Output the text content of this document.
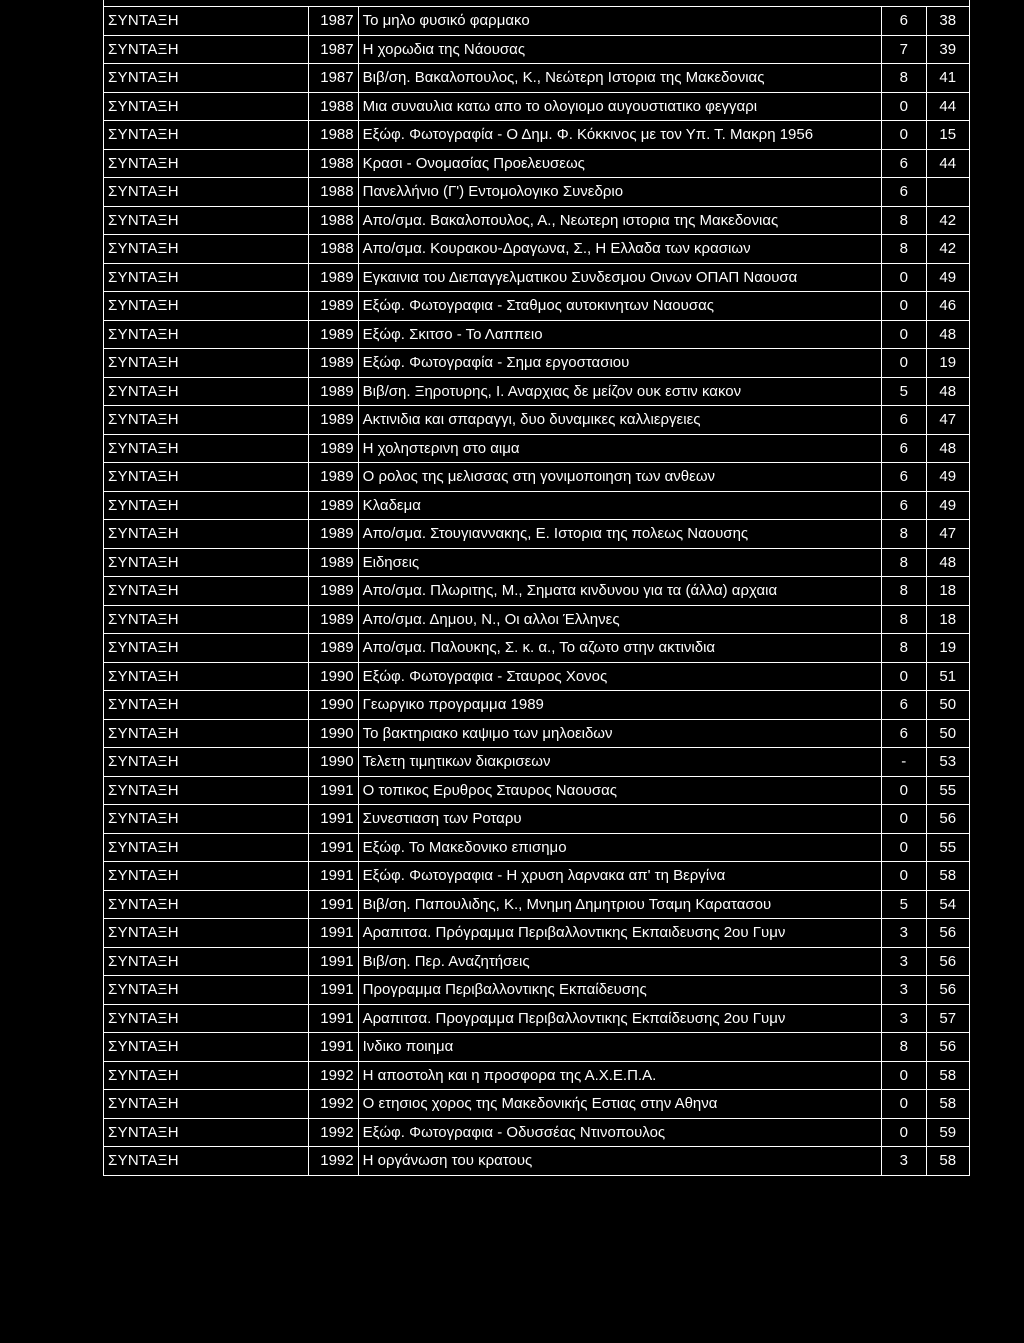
ΣΥΝΤΑΞΗ	1987	Το μηλο φυσικό φαρμακο	6	38
ΣΥΝΤΑΞΗ	1987	Η χορωδια της Νάουσας	7	39
ΣΥΝΤΑΞΗ	1987	Βιβ/ση. Βακαλοπουλος, Κ., Νεώτερη Ιστορια της Μακεδονιας	8	41
ΣΥΝΤΑΞΗ	1988	Μια συναυλια κατω απο το ολογιομο αυγουστιατικο φεγγαρι	0	44
ΣΥΝΤΑΞΗ	1988	Εξώφ. Φωτογραφία - Ο Δημ. Φ. Κόκκινος με τον Υπ. Τ. Μακρη 1956	0	15
ΣΥΝΤΑΞΗ	1988	Κρασι - Ονομασίας Προελευσεως	6	44
ΣΥΝΤΑΞΗ	1988	Πανελλήνιο (Γ') Εντομολογικο Συνεδριο	6	
ΣΥΝΤΑΞΗ	1988	Απο/σμα. Βακαλοπουλος, Α., Νεωτερη ιστορια της Μακεδονιας	8	42
ΣΥΝΤΑΞΗ	1988	Απο/σμα. Κουρακου-Δραγωνα, Σ., Η Ελλαδα των κρασιων	8	42
ΣΥΝΤΑΞΗ	1989	Εγκαινια του Διεπαγγελματικου Συνδεσμου Οινων ΟΠΑΠ Ναουσα	0	49
ΣΥΝΤΑΞΗ	1989	Εξώφ. Φωτογραφια - Σταθμος αυτοκινητων Ναουσας	0	46
ΣΥΝΤΑΞΗ	1989	Εξώφ. Σκιτσο - Το Λαππειο	0	48
ΣΥΝΤΑΞΗ	1989	Εξώφ. Φωτογραφία - Σημα εργοστασιου	0	19
ΣΥΝΤΑΞΗ	1989	Βιβ/ση. Ξηροτυρης, Ι. Αναρχιας δε μείζον ουκ εστιν κακον	5	48
ΣΥΝΤΑΞΗ	1989	Ακτινιδια και σπαραγγι, δυο δυναμικες καλλιεργειες	6	47
ΣΥΝΤΑΞΗ	1989	Η χοληστερινη στο αιμα	6	48
ΣΥΝΤΑΞΗ	1989	Ο ρολος της μελισσας στη γονιμοποιηση των ανθεων	6	49
ΣΥΝΤΑΞΗ	1989	Κλαδεμα	6	49
ΣΥΝΤΑΞΗ	1989	Απο/σμα. Στουγιαννακης, Ε. Ιστορια της πολεως Ναουσης	8	47
ΣΥΝΤΑΞΗ	1989	Ειδησεις	8	48
ΣΥΝΤΑΞΗ	1989	Απο/σμα. Πλωριτης, Μ., Σηματα κινδυνου για τα (άλλα) αρχαια	8	18
ΣΥΝΤΑΞΗ	1989	Απο/σμα. Δημου, Ν., Οι αλλοι Έλληνες	8	18
ΣΥΝΤΑΞΗ	1989	Απο/σμα. Παλουκης, Σ. κ. α., Το αζωτο στην ακτινιδια	8	19
ΣΥΝΤΑΞΗ	1990	Εξώφ. Φωτογραφια - Σταυρος Χονος	0	51
ΣΥΝΤΑΞΗ	1990	Γεωργικο προγραμμα 1989	6	50
ΣΥΝΤΑΞΗ	1990	Το βακτηριακο καψιμο των μηλοειδων	6	50
ΣΥΝΤΑΞΗ	1990	Τελετη τιμητικων διακρισεων	-	53
ΣΥΝΤΑΞΗ	1991	Ο τοπικος Ερυθρος Σταυρος Ναουσας	0	55
ΣΥΝΤΑΞΗ	1991	Συνεστιαση των Ροταρυ	0	56
ΣΥΝΤΑΞΗ	1991	Εξώφ. Το Μακεδονικο επισημο	0	55
ΣΥΝΤΑΞΗ	1991	Εξώφ. Φωτογραφια - Η χρυση λαρνακα απ' τη Βεργίνα	0	58
ΣΥΝΤΑΞΗ	1991	Βιβ/ση. Παπουλιδης, Κ., Μνημη Δημητριου Τσαμη Καρατασου	5	54
ΣΥΝΤΑΞΗ	1991	Αραπιτσα. Πρόγραμμα Περιβαλλοντικης Εκπαιδευσης 2ου Γυμν	3	56
ΣΥΝΤΑΞΗ	1991	Βιβ/ση. Περ. Αναζητήσεις	3	56
ΣΥΝΤΑΞΗ	1991	Προγραμμα Περιβαλλοντικης Εκπαίδευσης	3	56
ΣΥΝΤΑΞΗ	1991	Αραπιτσα. Προγραμμα Περιβαλλοντικης Εκπαίδευσης 2ου Γυμν	3	57
ΣΥΝΤΑΞΗ	1991	Ινδικο ποιημα	8	56
ΣΥΝΤΑΞΗ	1992	Η αποστολη και η προσφορα της Α.Χ.Ε.Π.Α.	0	58
ΣΥΝΤΑΞΗ	1992	Ο ετησιος χορος της Μακεδονικής Εστιας στην Αθηνα	0	58
ΣΥΝΤΑΞΗ	1992	Εξώφ. Φωτογραφια - Οδυσσέας Ντινοπουλος	0	59
ΣΥΝΤΑΞΗ	1992	Η οργάνωση του κρατους	3	58
